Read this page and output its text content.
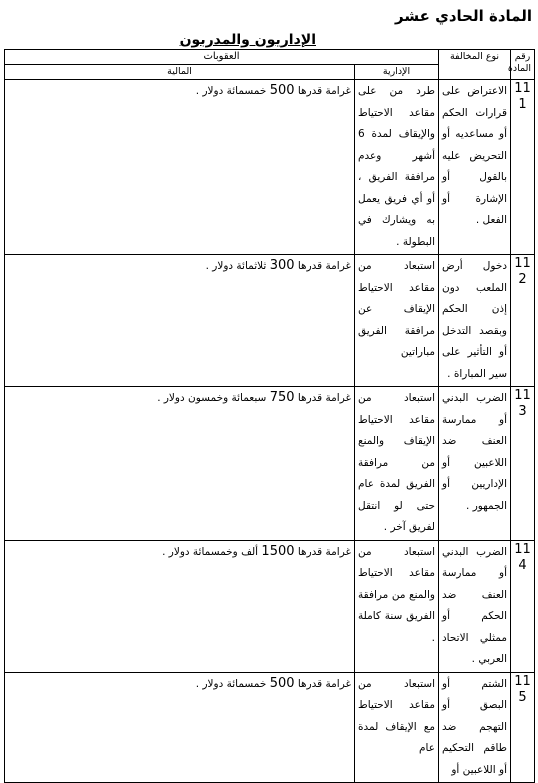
المادة الحادي عشر
الإداريون والمدربون
رقم
المادة	نوع المخالفة	العقوبات	
		الإدارية	المالية

11
1	الاعتراض على قرارات الحكم أو مساعديه أو التحريض عليه بالقول أو الإشارة أو الفعل .	طرد من على مقاعد الاحتياط والإيقاف لمدة 6 أشهر وعدم مرافقة الفريق ، أو أي فريق يعمل به ويشارك في البطولة .	غرامة قدرها 500 خمسمائة دولار .

11
2	دخول أرض الملعب دون إذن الحكم وبقصد التدخل أو التأثير على سير المباراة .	استبعاد من مقاعد الاحتياط الإيقاف عن مرافقة الفريق مباراتين	غرامة قدرها 300 ثلاثمائة دولار .

11
3	الضرب البدني أو ممارسة العنف ضد اللاعبين أو الإداريين أو الجمهور .	استبعاد من مقاعد الاحتياط الإيقاف والمنع من مرافقة الفريق لمدة عام حتى لو انتقل لفريق آخر .	غرامة قدرها 750 سبعمائة وخمسون دولار .

11
4	الضرب البدني أو ممارسة العنف ضد الحكم أو ممثلي الاتحاد العربي .	استبعاد من مقاعد الاحتياط والمنع من مرافقة الفريق سنة كاملة .	غرامة قدرها 1500 ألف وخمسمائة دولار .

11
5	الشتم أو البصق أو التهجم ضد طاقم التحكيم أو اللاعبين أو	استبعاد من مقاعد الاحتياط مع الإيقاف لمدة عام	غرامة قدرها 500 خمسمائة دولار .
